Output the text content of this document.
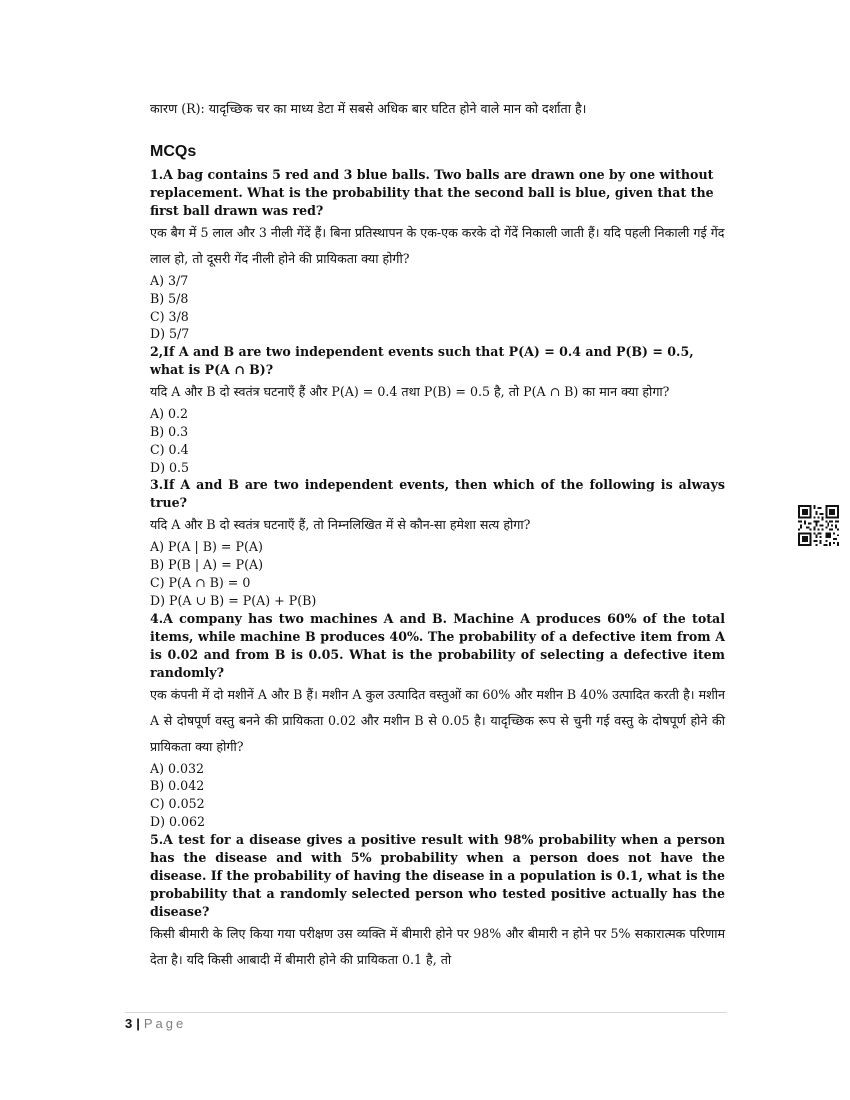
कारण (R): यादृच्छिक चर का माध्य डेटा में सबसे अधिक बार घटित होने वाले मान को दर्शाता है।

MCQs

1.A bag contains 5 red and 3 blue balls. Two balls are drawn one by one without replacement. What is the probability that the second ball is blue, given that the first ball drawn was red?

एक बैग में 5 लाल और 3 नीली गेंदें हैं। बिना प्रतिस्थापन के एक-एक करके दो गेंदें निकाली जाती हैं। यदि पहली निकाली गई गेंद लाल हो, तो दूसरी गेंद नीली होने की प्रायिकता क्या होगी?

A) 3/7

B) 5/8

C) 3/8

D) 5/7

2,If A and B are two independent events such that P(A) = 0.4 and P(B) = 0.5, what is P(A ∩ B)?

यदि A और B दो स्वतंत्र घटनाएँ हैं और P(A) = 0.4 तथा P(B) = 0.5 है, तो P(A ∩ B) का मान क्या होगा?

A) 0.2

B) 0.3

C) 0.4

D) 0.5

3.If A and B are two independent events, then which of the following is always true?

यदि A और B दो स्वतंत्र घटनाएँ हैं, तो निम्नलिखित में से कौन-सा हमेशा सत्य होगा?

A) P(A | B) = P(A)

B) P(B | A) = P(A)

C) P(A ∩ B) = 0

D) P(A ∪ B) = P(A) + P(B)

4.A company has two machines A and B. Machine A produces 60% of the total items, while machine B produces 40%. The probability of a defective item from A is 0.02 and from B is 0.05. What is the probability of selecting a defective item randomly?

एक कंपनी में दो मशीनें A और B हैं। मशीन A कुल उत्पादित वस्तुओं का 60% और मशीन B 40% उत्पादित करती है। मशीन A से दोषपूर्ण वस्तु बनने की प्रायिकता 0.02 और मशीन B से 0.05 है। यादृच्छिक रूप से चुनी गई वस्तु के दोषपूर्ण होने की प्रायिकता क्या होगी?

A) 0.032

B) 0.042

C) 0.052

D) 0.062

5.A test for a disease gives a positive result with 98% probability when a person has the disease and with 5% probability when a person does not have the disease. If the probability of having the disease in a population is 0.1, what is the probability that a randomly selected person who tested positive actually has the disease?

किसी बीमारी के लिए किया गया परीक्षण उस व्यक्ति में बीमारी होने पर 98% और बीमारी न होने पर 5% सकारात्मक परिणाम देता है। यदि किसी आबादी में बीमारी होने की प्रायिकता 0.1 है, तो

3 | Page
